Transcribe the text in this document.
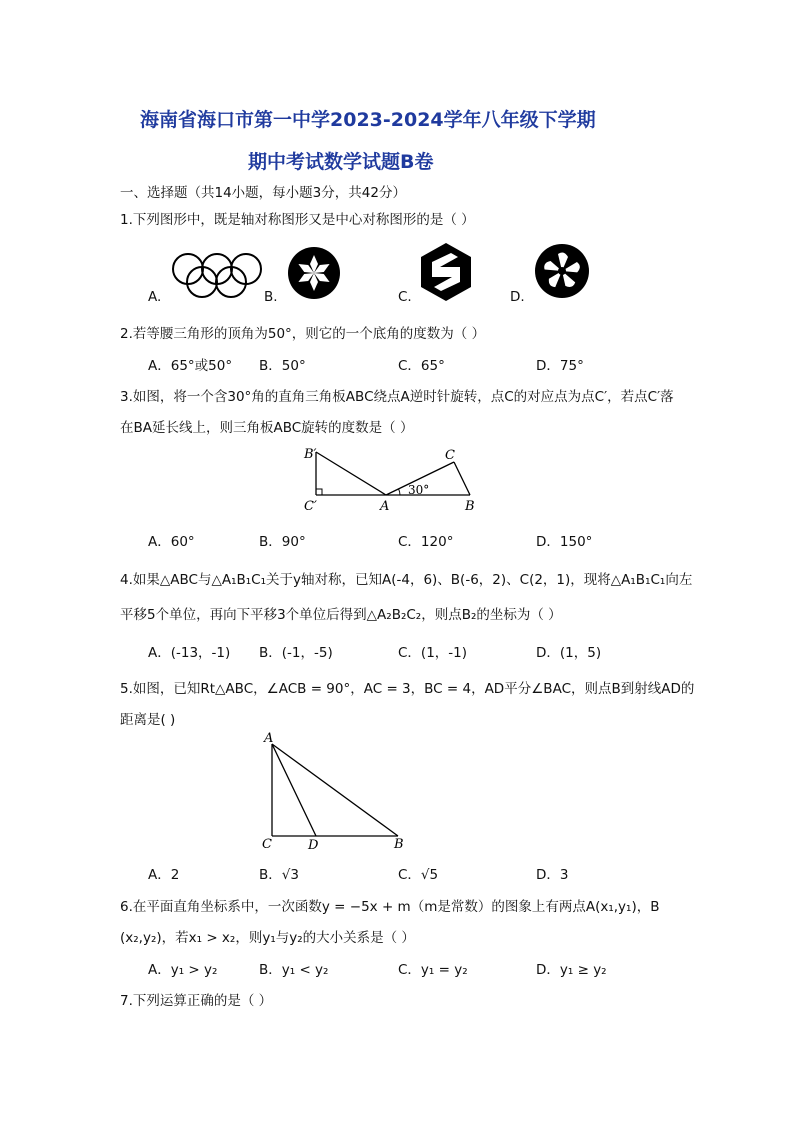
海南省海口市第一中学2023-2024学年八年级下学期
期中考试数学试题B卷
一、选择题（共14小题，每小题3分，共42分）
1.下列图形中，既是轴对称图形又是中心对称图形的是（ ）
A.	B.	C.	D.
2.若等腰三角形的顶角为50°，则它的一个底角的度数为（ ）
A．65°或50° B．50°	C．65°	D．75°
3.如图，将一个含30°角的直角三角板ABC绕点A逆时针旋转，点C的对应点为点C′，若点C′落
在BA延长线上，则三角板ABC旋转的度数是（ ）
B′
C′	A
C
B
30°
A．60°	B．90°	C．120°	D．150°
4.如果△ABC与△A₁B₁C₁关于y轴对称，已知A(-4，6)、B(-6，2)、C(2，1)，现将△A₁B₁C₁向左
平移5个单位，再向下平移3个单位后得到△A₂B₂C₂，则点B₂的坐标为（ ）
A．(-13，-1) B．(-1，-5)	C．(1，-1)	D．(1，5)
5.如图，已知Rt△ABC，∠ACB = 90°，AC = 3，BC = 4，AD平分∠BAC，则点B到射线AD的
距离是( )
A
C	D	B
A．2	B．√3	C．√5	D．3
6.在平面直角坐标系中，一次函数y = −5x + m（m是常数）的图象上有两点A(x₁,y₁)，B
(x₂,y₂)，若x₁ > x₂，则y₁与y₂的大小关系是（ ）
A．y₁ > y₂	B．y₁ < y₂	C．y₁ = y₂	D．y₁ ≥ y₂
7.下列运算正确的是（ ）
